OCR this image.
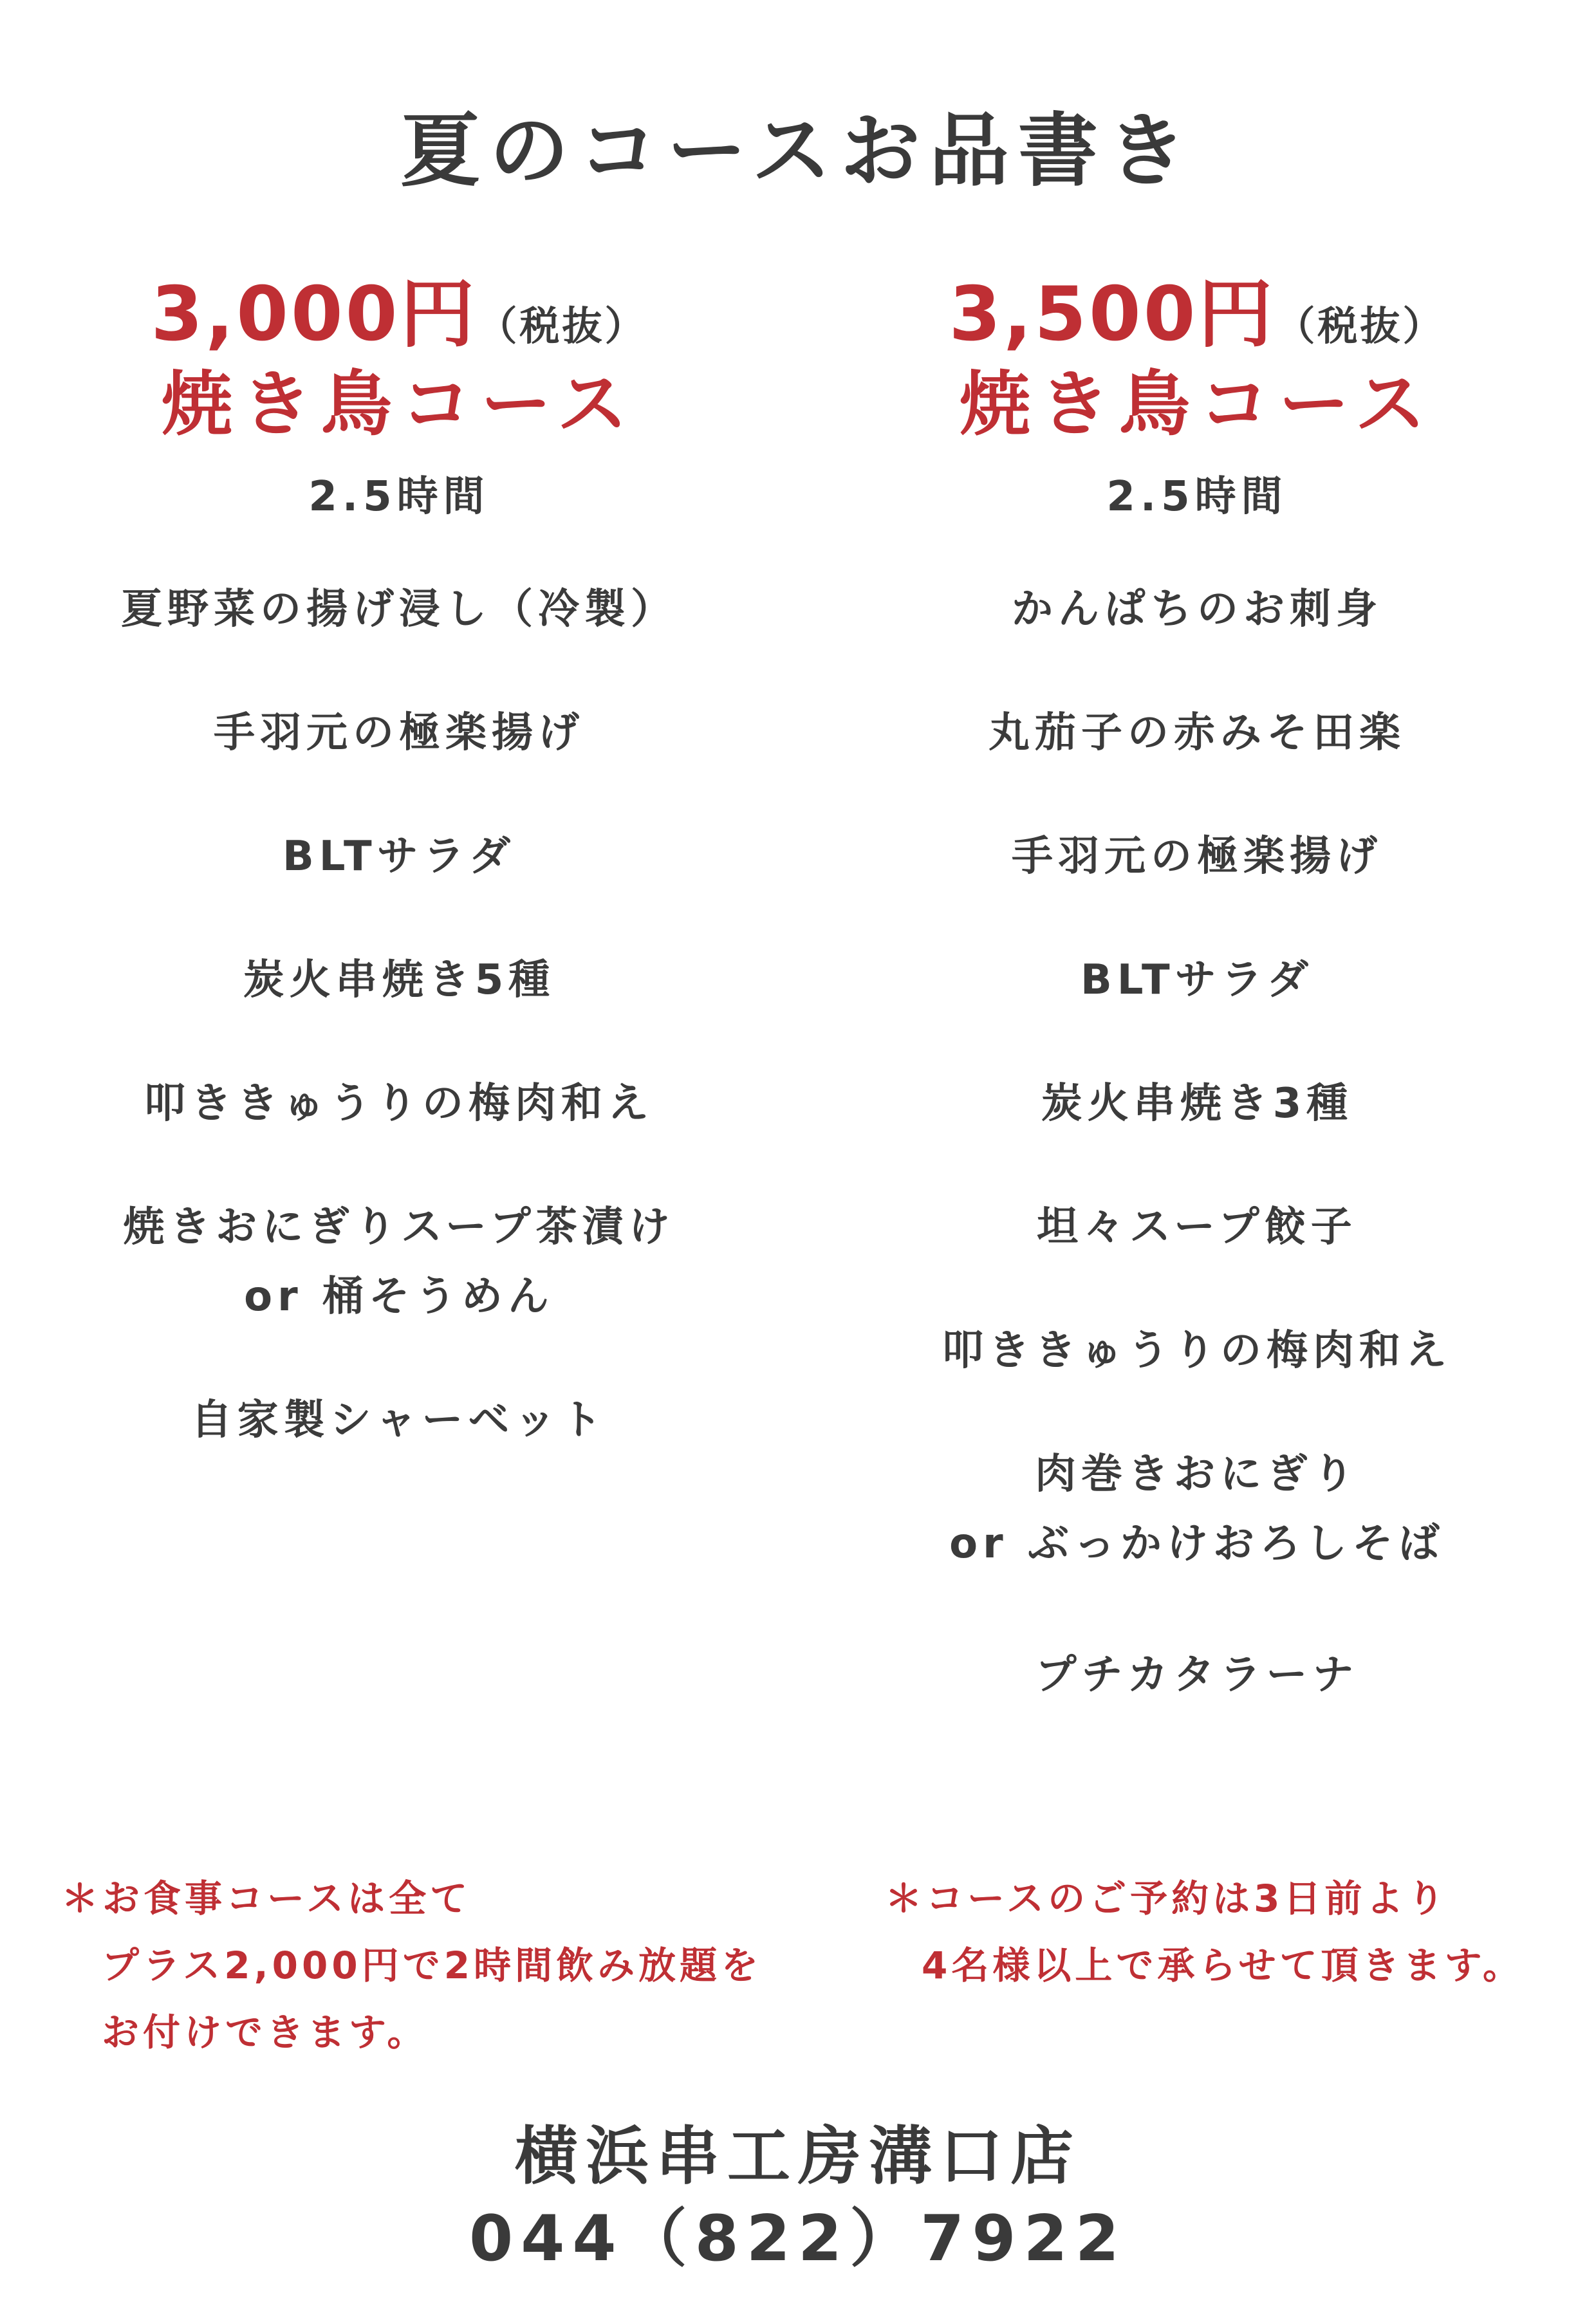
夏のコースお品書き
3,000円（税抜）
焼き鳥コース
2.5時間
夏野菜の揚げ浸し（冷製）
手羽元の極楽揚げ
BLTサラダ
炭火串焼き5種
叩ききゅうりの梅肉和え
焼きおにぎりスープ茶漬け
or 桶そうめん
自家製シャーベット
3,500円（税抜）
焼き鳥コース
2.5時間
かんぱちのお刺身
丸茄子の赤みそ田楽
手羽元の極楽揚げ
BLTサラダ
炭火串焼き3種
坦々スープ餃子
叩ききゅうりの梅肉和え
肉巻きおにぎり
or ぶっかけおろしそば
プチカタラーナ
＊お食事コースは全て
プラス2,000円で2時間飲み放題を
お付けできます。
＊コースのご予約は3日前より
4名様以上で承らせて頂きます。
横浜串工房溝口店
044（822）7922
